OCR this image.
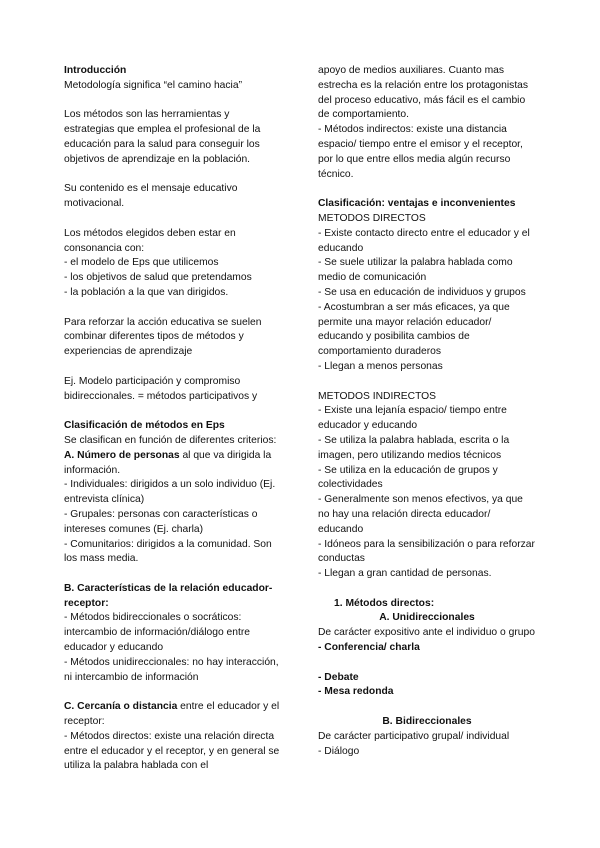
Introducción

Metodología significa “el camino hacia”

Los métodos son las herramientas y estrategias que emplea el profesional de la educación para la salud para conseguir los objetivos de aprendizaje en la población.

Su contenido es el mensaje educativo motivacional.

Los métodos elegidos deben estar en consonancia con:

- el modelo de Eps que utilicemos

- los objetivos de salud que pretendamos

- la población a la que van dirigidos.

Para reforzar la acción educativa se suelen combinar diferentes tipos de métodos y experiencias de aprendizaje

Ej. Modelo participación y compromiso bidireccionales. = métodos participativos y

Clasificación de métodos en Eps

Se clasifican en función de diferentes criterios:

A. Número de personas al que va dirigida la información.

- Individuales: dirigidos a un solo individuo (Ej. entrevista clínica)

- Grupales: personas con características o intereses comunes (Ej. charla)

- Comunitarios: dirigidos a la comunidad. Son los mass media.

B. Características de la relación educador- receptor:

- Métodos bidireccionales o socráticos: intercambio de información/diálogo entre educador y educando

- Métodos unidireccionales: no hay interacción, ni intercambio de información

C. Cercanía o distancia entre el educador y el receptor:

- Métodos directos: existe una relación directa entre el educador y el receptor, y en general se utiliza la palabra hablada con el

apoyo de medios auxiliares. Cuanto mas estrecha es la relación entre los protagonistas del proceso educativo, más fácil es el cambio de comportamiento.

- Métodos indirectos: existe una distancia espacio/ tiempo entre el emisor y el receptor, por lo que entre ellos media algún recurso técnico.

Clasificación: ventajas e inconvenientes

METODOS DIRECTOS

- Existe contacto directo entre el educador y el educando

- Se suele utilizar la palabra hablada como medio de comunicación

- Se usa en educación de individuos y grupos

- Acostumbran a ser más eficaces, ya que permite una mayor relación educador/ educando y posibilita cambios de comportamiento duraderos

- Llegan a menos personas

METODOS INDIRECTOS

- Existe una lejanía espacio/ tiempo entre educador y educando

- Se utiliza la palabra hablada, escrita o la imagen, pero utilizando medios técnicos

- Se utiliza en la educación de grupos y colectividades

- Generalmente son menos efectivos, ya que no hay una relación directa educador/ educando

- Idóneos para la sensibilización o para reforzar conductas

- Llegan a gran cantidad de personas.

1. Métodos directos:

A. Unidireccionales

De carácter expositivo ante el individuo o grupo

- Conferencia/ charla

- Debate

- Mesa redonda

B. Bidireccionales

De carácter participativo grupal/ individual

- Diálogo
